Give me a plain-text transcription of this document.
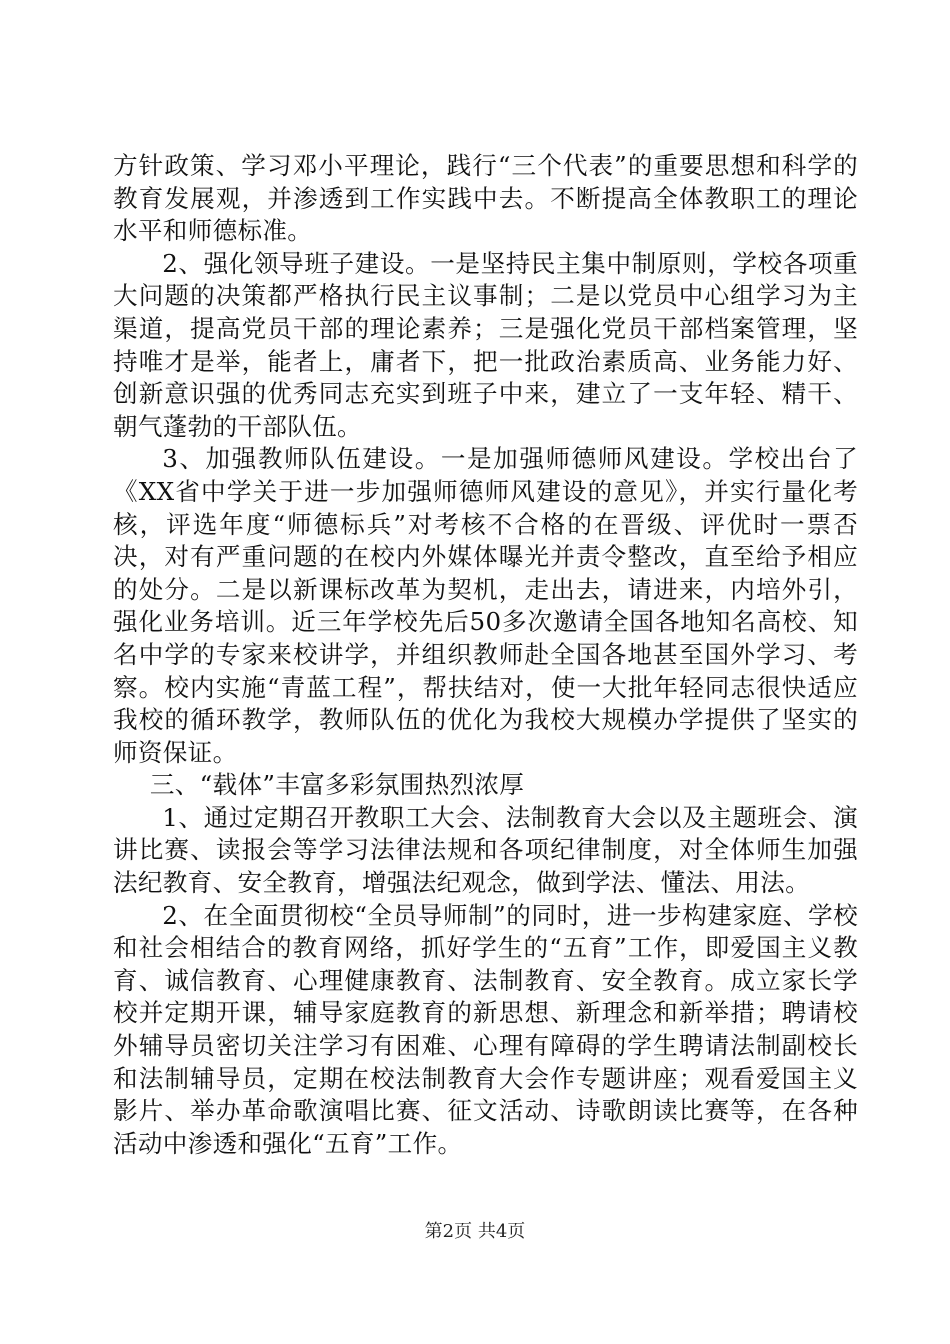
方针政策、学习邓小平理论，践行“三个代表”的重要思想和科学的教育发展观，并渗透到工作实践中去。不断提高全体教职工的理论水平和师德标准。

2、强化领导班子建设。一是坚持民主集中制原则，学校各项重大问题的决策都严格执行民主议事制；二是以党员中心组学习为主渠道，提高党员干部的理论素养；三是强化党员干部档案管理，坚持唯才是举，能者上，庸者下，把一批政治素质高、业务能力好、创新意识强的优秀同志充实到班子中来，建立了一支年轻、精干、朝气蓬勃的干部队伍。

3、加强教师队伍建设。一是加强师德师风建设。学校出台了《XX省中学关于进一步加强师德师风建设的意见》，并实行量化考核，评选年度“师德标兵”对考核不合格的在晋级、评优时一票否决，对有严重问题的在校内外媒体曝光并责令整改，直至给予相应的处分。二是以新课标改革为契机，走出去，请进来，内培外引，强化业务培训。近三年学校先后50多次邀请全国各地知名高校、知名中学的专家来校讲学，并组织教师赴全国各地甚至国外学习、考察。校内实施“青蓝工程”，帮扶结对，使一大批年轻同志很快适应我校的循环教学，教师队伍的优化为我校大规模办学提供了坚实的师资保证。

三、“载体”丰富多彩氛围热烈浓厚

1、通过定期召开教职工大会、法制教育大会以及主题班会、演讲比赛、读报会等学习法律法规和各项纪律制度，对全体师生加强法纪教育、安全教育，增强法纪观念，做到学法、懂法、用法。

2、在全面贯彻校“全员导师制”的同时，进一步构建家庭、学校和社会相结合的教育网络，抓好学生的“五育”工作，即爱国主义教育、诚信教育、心理健康教育、法制教育、安全教育。成立家长学校并定期开课，辅导家庭教育的新思想、新理念和新举措；聘请校外辅导员密切关注学习有困难、心理有障碍的学生聘请法制副校长和法制辅导员，定期在校法制教育大会作专题讲座；观看爱国主义影片、举办革命歌演唱比赛、征文活动、诗歌朗读比赛等，在各种活动中渗透和强化“五育”工作。

第2页 共4页
